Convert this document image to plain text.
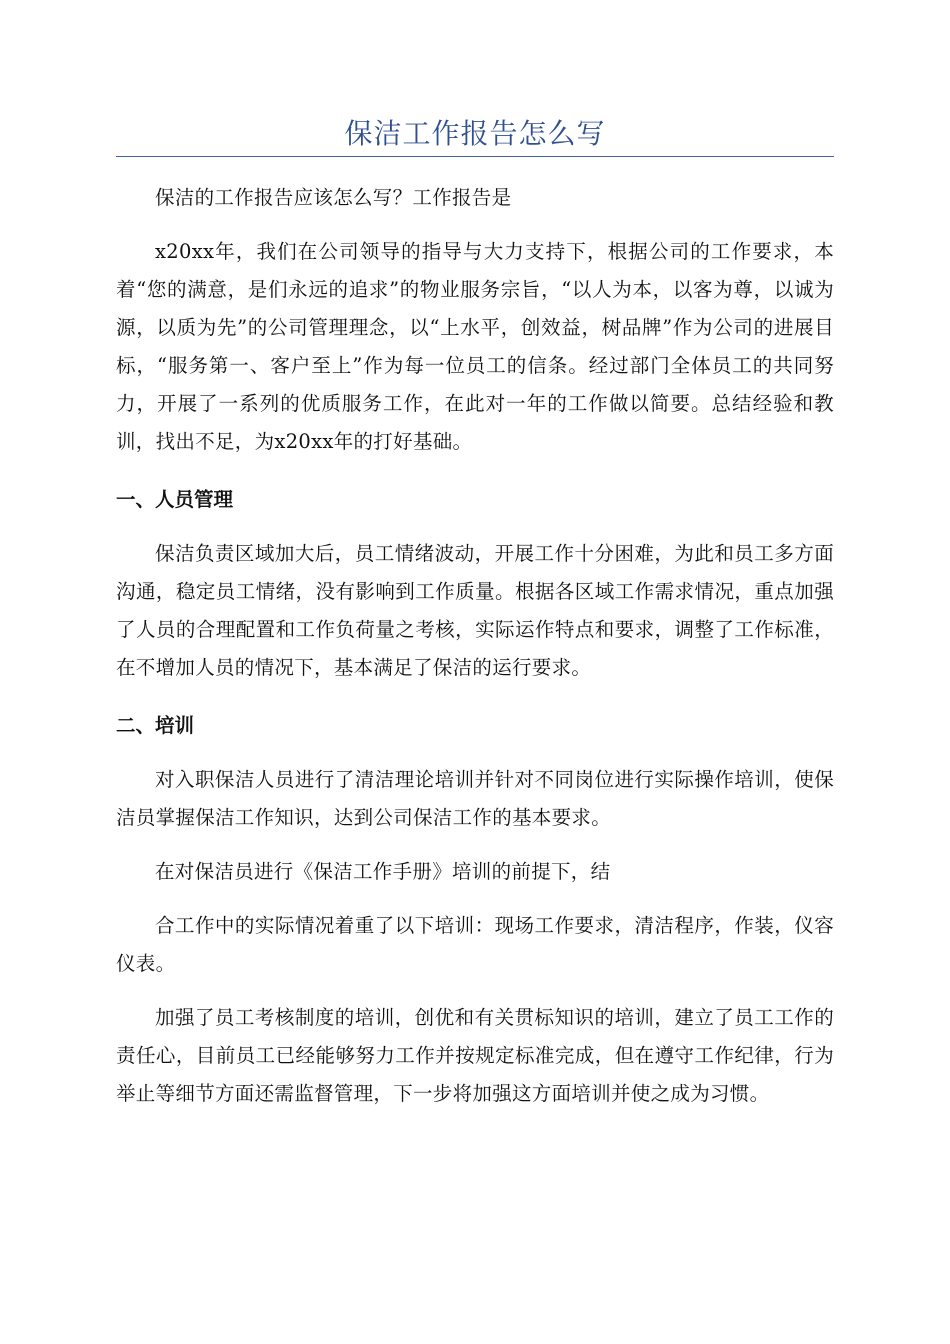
保洁工作报告怎么写

保洁的工作报告应该怎么写？工作报告是

x20xx年，我们在公司领导的指导与大力支持下，根据公司的工作要求，本着“您的满意，是们永远的追求”的物业服务宗旨，“以人为本，以客为尊，以诚为源，以质为先”的公司管理理念，以“上水平，创效益，树品牌”作为公司的进展目标，“服务第一、客户至上”作为每一位员工的信条。经过部门全体员工的共同努力，开展了一系列的优质服务工作，在此对一年的工作做以简要。总结经验和教训，找出不足，为x20xx年的打好基础。

一、人员管理

保洁负责区域加大后，员工情绪波动，开展工作十分困难，为此和员工多方面沟通，稳定员工情绪，没有影响到工作质量。根据各区域工作需求情况，重点加强了人员的合理配置和工作负荷量之考核，实际运作特点和要求，调整了工作标准，在不增加人员的情况下，基本满足了保洁的运行要求。

二、培训

对入职保洁人员进行了清洁理论培训并针对不同岗位进行实际操作培训，使保洁员掌握保洁工作知识，达到公司保洁工作的基本要求。

在对保洁员进行《保洁工作手册》培训的前提下，结

合工作中的实际情况着重了以下培训：现场工作要求，清洁程序，作装，仪容仪表。

加强了员工考核制度的培训，创优和有关贯标知识的培训，建立了员工工作的责任心，目前员工已经能够努力工作并按规定标准完成，但在遵守工作纪律，行为举止等细节方面还需监督管理，下一步将加强这方面培训并使之成为习惯。
